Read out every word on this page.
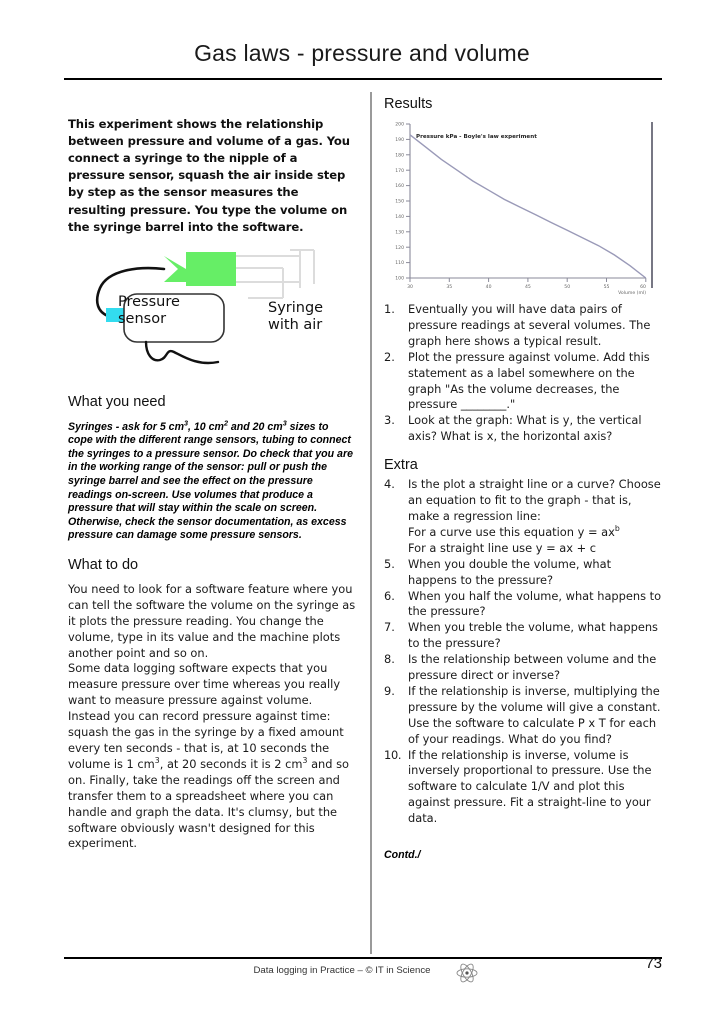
Gas laws - pressure and volume

This experiment shows the relationship between pressure and volume of a gas. You connect a syringe to the nipple of a pressure sensor, squash the air inside step by step as the sensor measures the resulting pressure. You type the volume on the syringe barrel into the software.

Pressure sensor
Syringe with air
What you need

Syringes - ask for 5 $cm^3$, 10 $cm^2$ and 20 $cm^3$ sizes to cope with the different range sensors, tubing to connect the syringes to a pressure sensor. Do check that you are in the working range of the sensor: pull or push the syringe barrel and see the effect on the pressure readings on-screen. Use volumes that produce a pressure that will stay within the scale on screen. Otherwise, check the sensor documentation, as excess pressure can damage some pressure sensors.

What to do

You need to look for a software feature where you can tell the software the volume on the syringe as it plots the pressure reading. You change the volume, type in its value and the machine plots another point and so on.

Some data logging software expects that you measure pressure over time whereas you really want to measure pressure against volume. Instead you can record pressure against time: squash the gas in the syringe by a fixed amount every ten seconds - that is, at 10 seconds the volume is 1 $cm^3$, at 20 seconds it is 2 $cm^3$ and so on. Finally, take the readings off the screen and transfer them to a spreadsheet where you can handle and graph the data. It's clumsy, but the software obviously wasn't designed for this experiment.

Results
100
110
120
130
140
150
160
170
180
190
200
30	35	40	45	50	55	60
Volume (ml)
Pressure kPa - Boyle's law experiment
1.	Eventually you will have data pairs of pressure readings at several volumes. The graph here shows a typical result.
2.	Plot the pressure against volume. Add this statement as a label somewhere on the graph "As the volume decreases, the pressure ________."
3.	Look at the graph: What is y, the vertical axis? What is x, the horizontal axis?
Extra
4.	Is the plot a straight line or a curve? Choose an equation to fit to the graph - that is, make a regression line:
For a curve use this equation $y = ax^b$
For a straight line use y = ax + c
5.	When you double the volume, what happens to the pressure?
6.	When you half the volume, what happens to the pressure?
7.	When you treble the volume, what happens to the pressure?
8.	Is the relationship between volume and the pressure direct or inverse?
9.	If the relationship is inverse, multiplying the pressure by the volume will give a constant. Use the software to calculate P x T for each of your readings. What do you find?
10. If the relationship is inverse, volume is inversely proportional to pressure. Use the software to calculate 1/V and plot this against pressure. Fit a straight-line to your data.
Contd./
Data logging in Practice – © IT in Science	73
